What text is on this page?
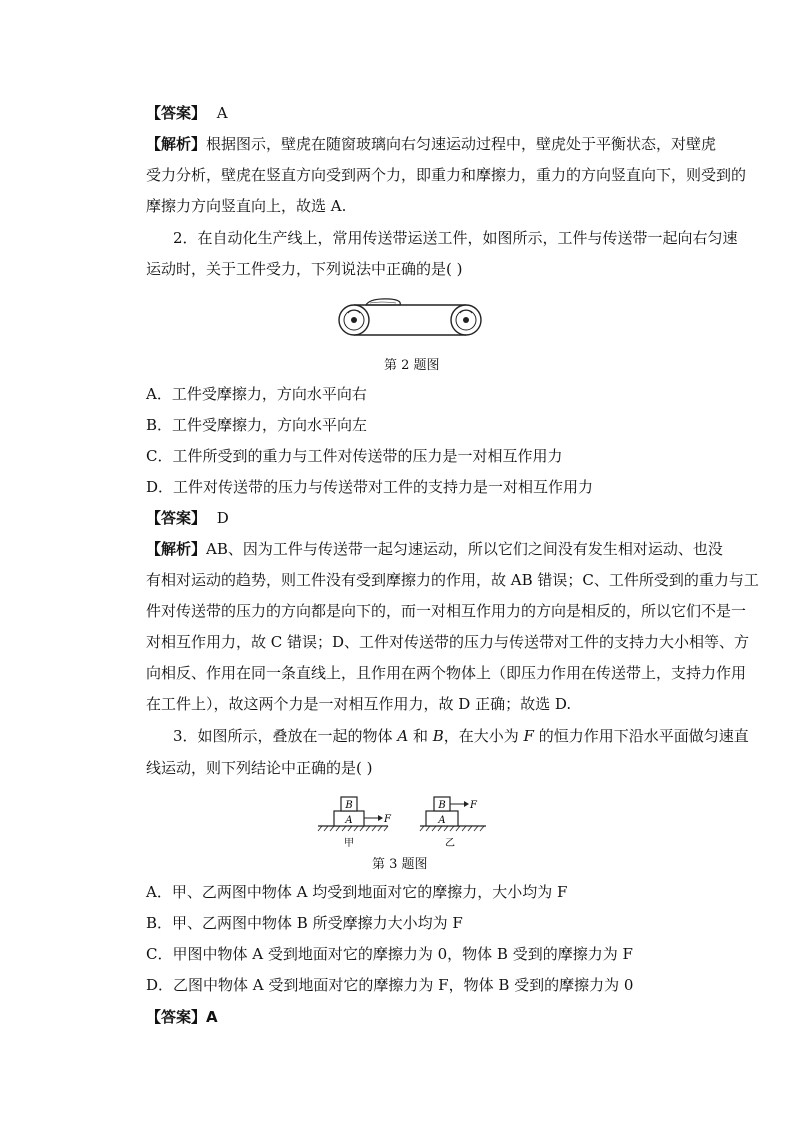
【答案】 A
【解析】根据图示，壁虎在随窗玻璃向右匀速运动过程中，壁虎处于平衡状态，对壁虎
受力分析，壁虎在竖直方向受到两个力，即重力和摩擦力，重力的方向竖直向下，则受到的
摩擦力方向竖直向上，故选 A.
2．在自动化生产线上，常用传送带运送工件，如图所示，工件与传送带一起向右匀速
运动时，关于工件受力，下列说法中正确的是( )
第 2 题图
A．工件受摩擦力，方向水平向右
B．工件受摩擦力，方向水平向左
C．工件所受到的重力与工件对传送带的压力是一对相互作用力
D．工件对传送带的压力与传送带对工件的支持力是一对相互作用力
【答案】 D
【解析】AB、因为工件与传送带一起匀速运动，所以它们之间没有发生相对运动、也没
有相对运动的趋势，则工件没有受到摩擦力的作用，故 AB 错误；C、工件所受到的重力与工
件对传送带的压力的方向都是向下的，而一对相互作用力的方向是相反的，所以它们不是一
对相互作用力，故 C 错误；D、工件对传送带的压力与传送带对工件的支持力大小相等、方
向相反、作用在同一条直线上，且作用在两个物体上（即压力作用在传送带上，支持力作用
在工件上），故这两个力是一对相互作用力，故 D 正确；故选 D.
3．如图所示，叠放在一起的物体 A 和 B，在大小为 F 的恒力作用下沿水平面做匀速直
线运动，则下列结论中正确的是( )
B
A	F
甲
B
A
F
乙
第 3 题图
A．甲、乙两图中物体 A 均受到地面对它的摩擦力，大小均为 F
B．甲、乙两图中物体 B 所受摩擦力大小均为 F
C．甲图中物体 A 受到地面对它的摩擦力为 0，物体 B 受到的摩擦力为 F
D．乙图中物体 A 受到地面对它的摩擦力为 F，物体 B 受到的摩擦力为 0
【答案】A
